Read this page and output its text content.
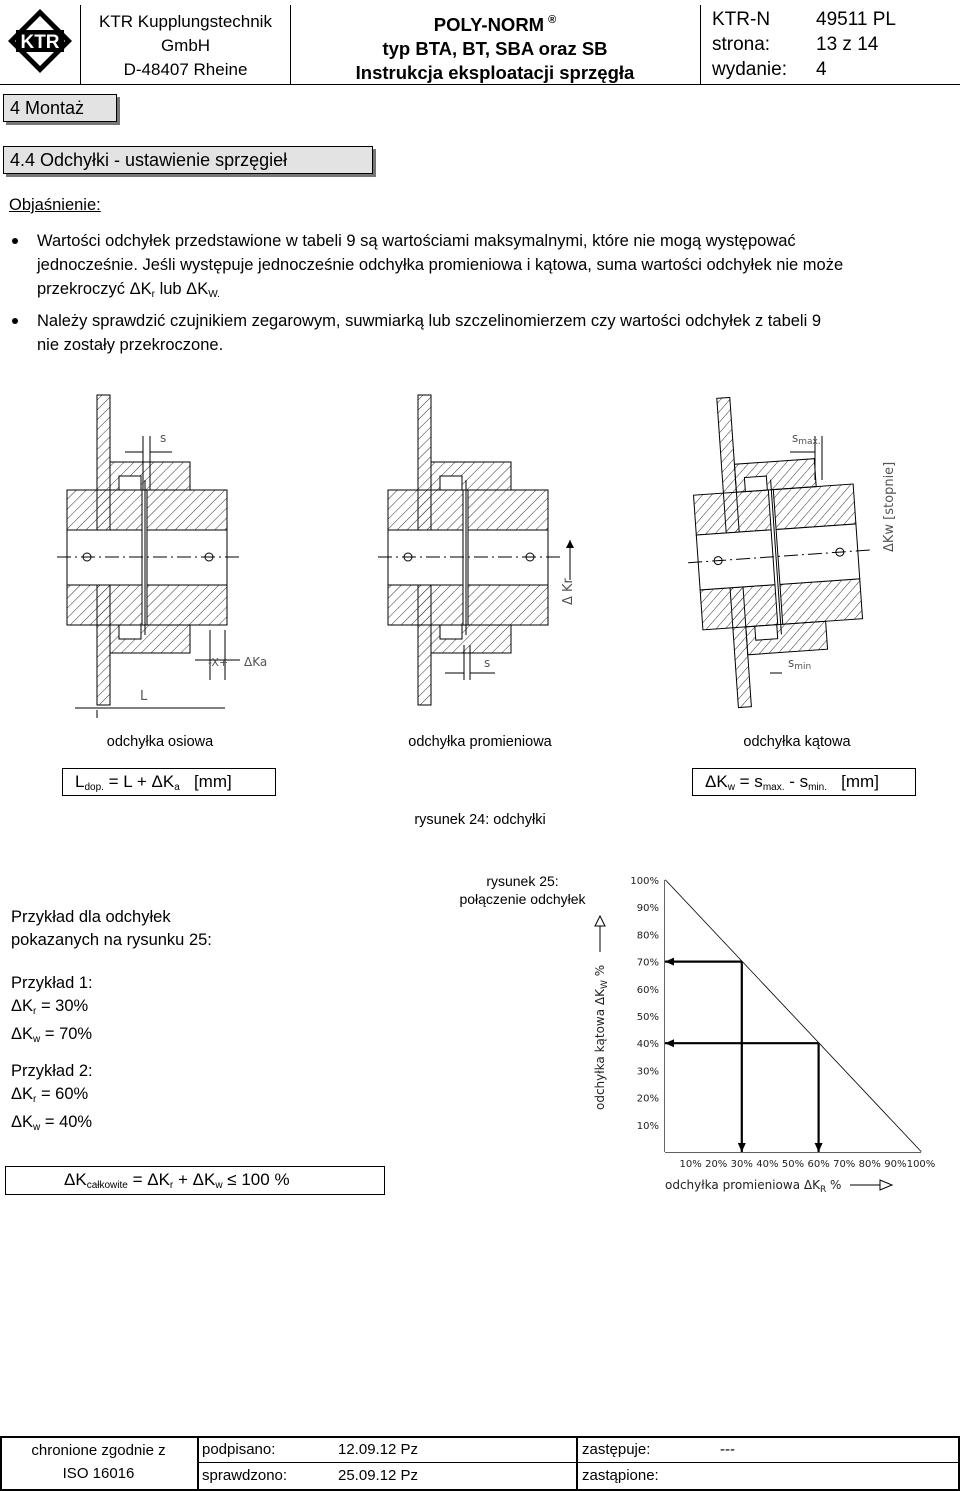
KTR
KTR Kupplungstechnik
GmbH
D-48407 Rheine
POLY-NORM ®
typ BTA, BT, SBA oraz SB
Instrukcja eksploatacji sprzęgła
KTR-N	49511 PL
strona:	13 z 14
wydanie:	4
4 Montaż
4.4 Odchyłki - ustawienie sprzęgieł
Objaśnienie:
Wartości odchyłek przedstawione w tabeli 9 są wartościami maksymalnymi, które nie mogą występować
jednocześnie. Jeśli występuje jednocześnie odchyłka promieniowa i kątowa, suma wartości odchyłek nie może
przekroczyć $\Delta K_r$ lub $\Delta K_{W.}$
Należy sprawdzić czujnikiem zegarowym, suwmiarką lub szczelinomierzem czy wartości odchyłek z tabeli 9
nie zostały przekroczone.
s
L
-X+ ΔKa	s
Δ Kr
smax.
smin
ΔKw [stopnie]
odchyłka osiowa	odchyłka promieniowa	odchyłka kątowa
$L_{dop.} = L + \Delta K_a$   [mm]	$\Delta K_w = s_{max.} - s_{min.}$   [mm]
rysunek 24: odchyłki
Przykład dla odchyłek
pokazanych na rysunku 25:
Przykład 1:
$\Delta K_r = 30\%$
$\Delta K_w = 70\%$
Przykład 2:
$\Delta K_r = 60\%$
$\Delta K_w = 40\%$
$\Delta K_{całkowite} = \Delta K_r + \Delta K_w \le 100$ %
rysunek 25:
połączenie odchyłek
10%
20%
30%
40%
50%
60%
70%
80%
90%
100%
10% 20% 30% 40% 50% 60% 70% 80% 90% 100%
odchyłka kątowa $\Delta K_W$ %
odchyłka promieniowa $\Delta K_R$ %
chronione zgodnie z
ISO 16016
podpisano:	12.09.12 Pz
sprawdzono:	25.09.12 Pz
zastępuje:	---
zastąpione:
